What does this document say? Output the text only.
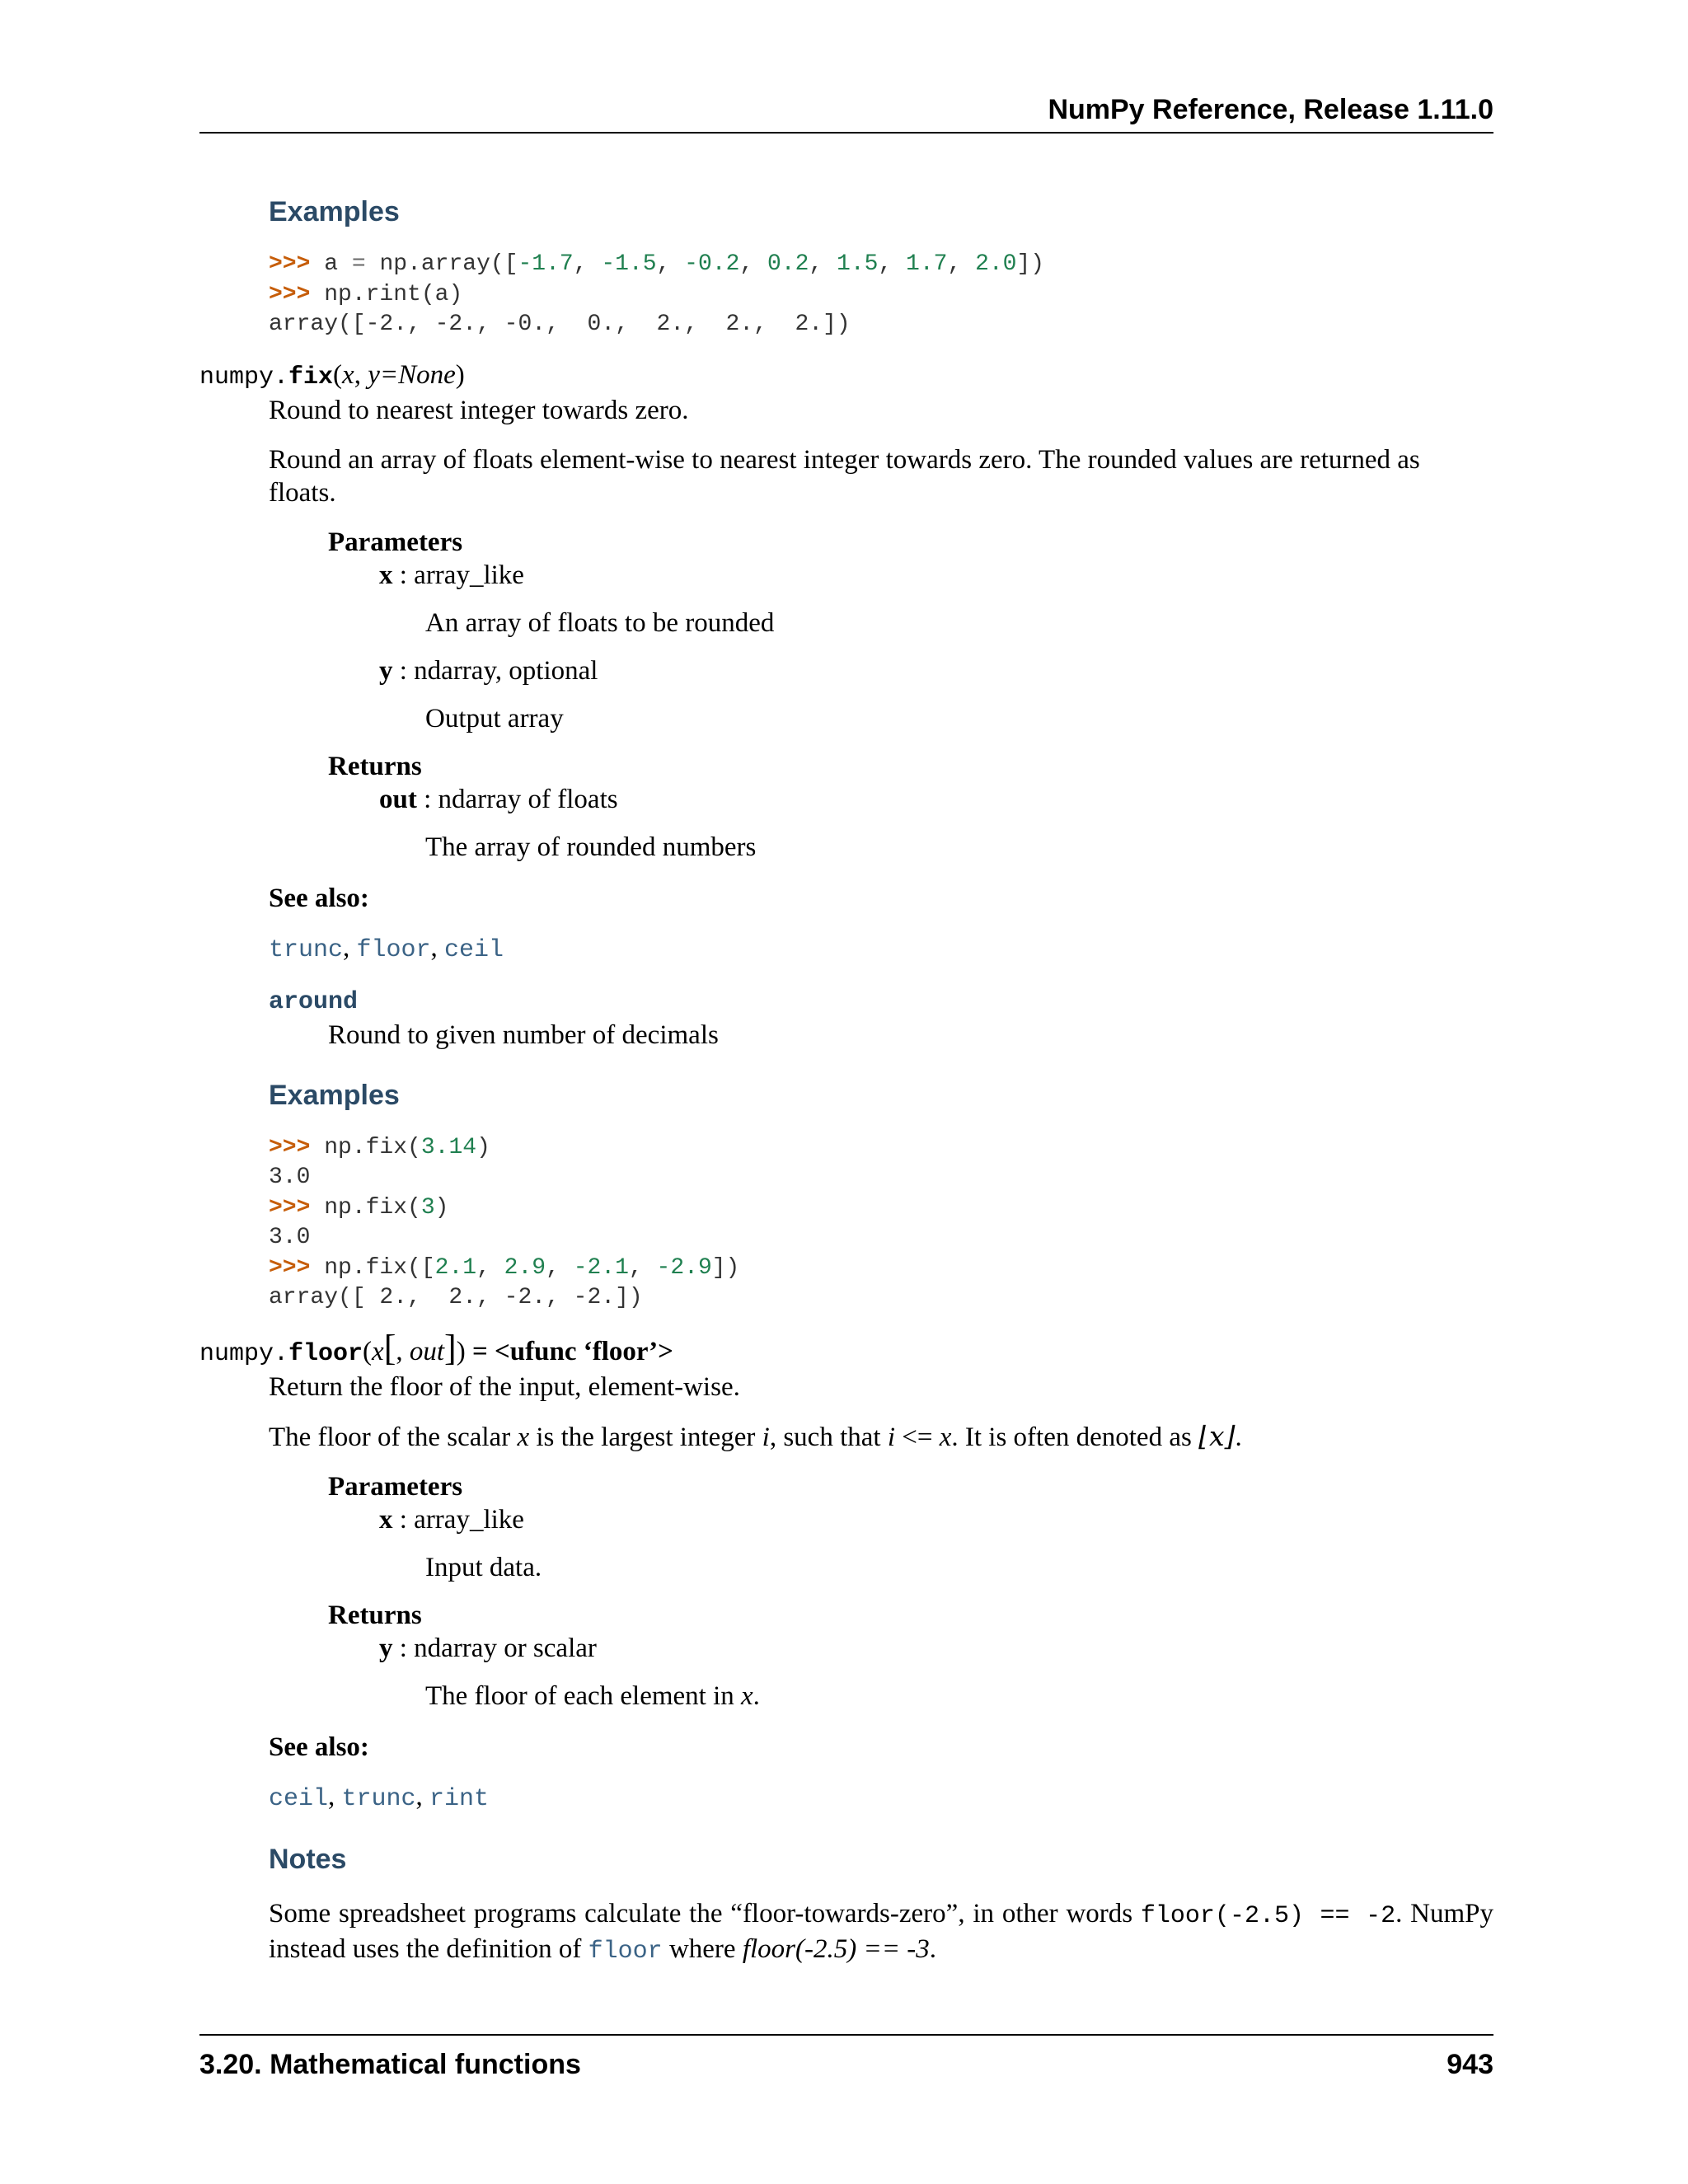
NumPy Reference, Release 1.11.0
Examples
>>> a = np.array([-1.7, -1.5, -0.2, 0.2, 1.5, 1.7, 2.0])
>>> np.rint(a)
array([-2., -2., -0.,  0.,  2.,  2.,  2.])
numpy.fix(x, y=None)
Round to nearest integer towards zero.
Round an array of floats element-wise to nearest integer towards zero. The rounded values are returned as floats.
Parameters
x : array_like
An array of floats to be rounded
y : ndarray, optional
Output array
Returns
out : ndarray of floats
The array of rounded numbers
See also:
trunc, floor, ceil
around
Round to given number of decimals
Examples
>>> np.fix(3.14)
3.0
>>> np.fix(3)
3.0
>>> np.fix([2.1, 2.9, -2.1, -2.9])
array([ 2.,  2., -2., -2.])
numpy.floor(x[, out]) = <ufunc ‘floor’>
Return the floor of the input, element-wise.
The floor of the scalar x is the largest integer i, such that i <= x. It is often denoted as ⌊x⌋.
Parameters
x : array_like
Input data.
Returns
y : ndarray or scalar
The floor of each element in x.
See also:
ceil, trunc, rint
Notes
Some spreadsheet programs calculate the “floor-towards-zero”, in other words floor(-2.5) == -2. NumPy instead uses the definition of floor where floor(-2.5) == -3.
3.20. Mathematical functions	943
